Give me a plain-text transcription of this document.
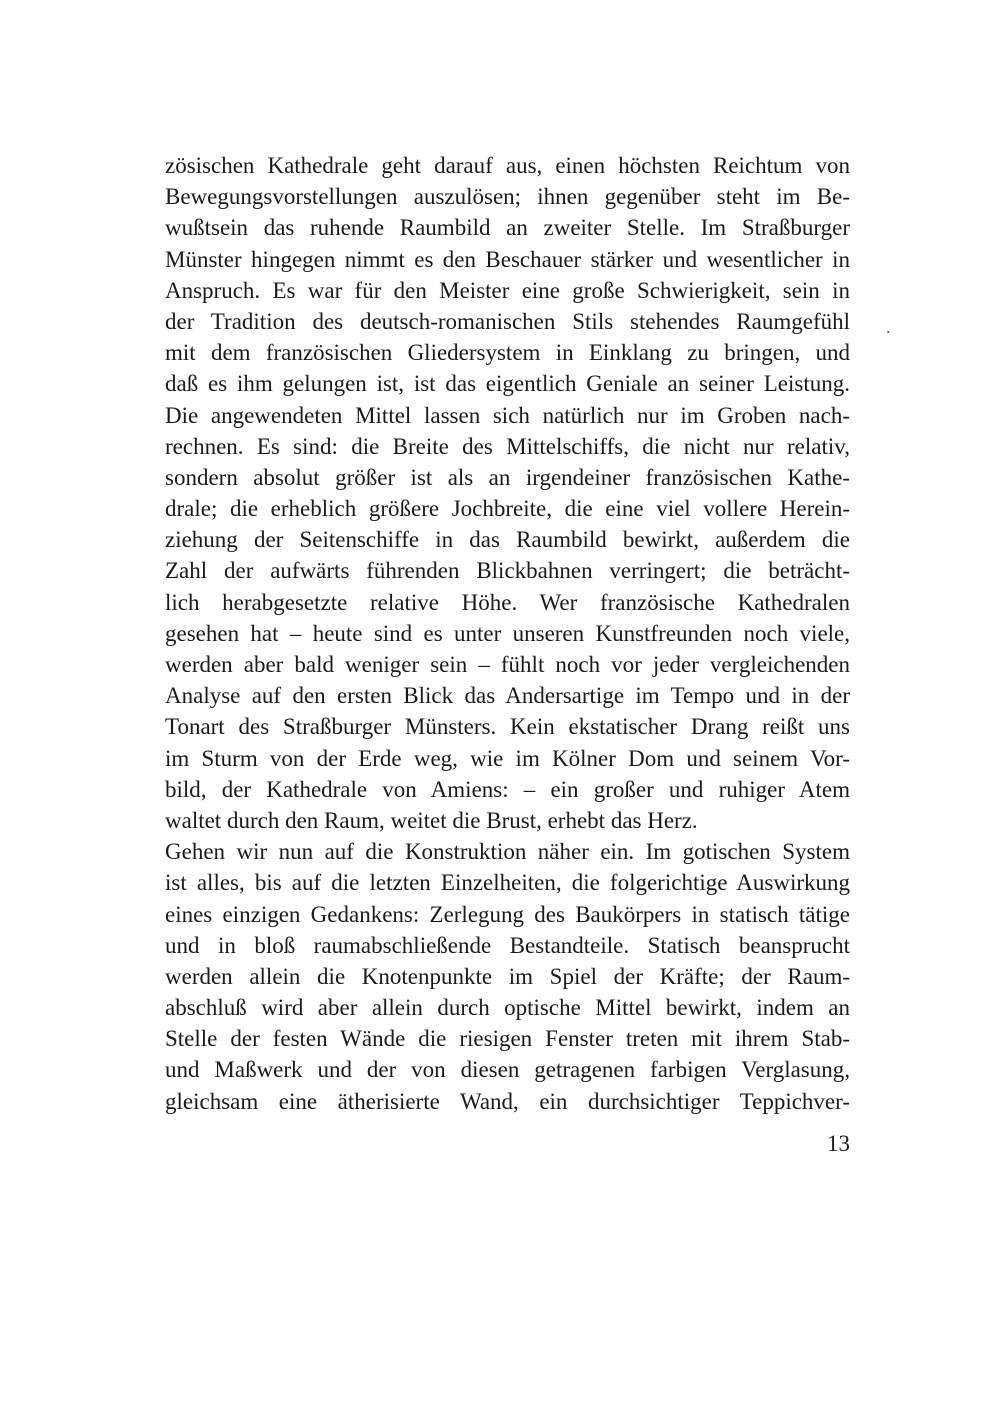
zösischen Kathedrale geht darauf aus, einen höchsten Reichtum von
Bewegungsvorstellungen auszulösen; ihnen gegenüber steht im Be-
wußtsein das ruhende Raumbild an zweiter Stelle. Im Straßburger
Münster hingegen nimmt es den Beschauer stärker und wesentlicher in
Anspruch. Es war für den Meister eine große Schwierigkeit, sein in
der Tradition des deutsch-romanischen Stils stehendes Raumgefühl
mit dem französischen Gliedersystem in Einklang zu bringen, und
daß es ihm gelungen ist, ist das eigentlich Geniale an seiner Leistung.
Die angewendeten Mittel lassen sich natürlich nur im Groben nach-
rechnen. Es sind: die Breite des Mittelschiffs, die nicht nur relativ,
sondern absolut größer ist als an irgendeiner französischen Kathe-
drale; die erheblich größere Jochbreite, die eine viel vollere Herein-
ziehung der Seitenschiffe in das Raumbild bewirkt, außerdem die
Zahl der aufwärts führenden Blickbahnen verringert; die beträcht-
lich herabgesetzte relative Höhe. Wer französische Kathedralen
gesehen hat – heute sind es unter unseren Kunstfreunden noch viele,
werden aber bald weniger sein – fühlt noch vor jeder vergleichenden
Analyse auf den ersten Blick das Andersartige im Tempo und in der
Tonart des Straßburger Münsters. Kein ekstatischer Drang reißt uns
im Sturm von der Erde weg, wie im Kölner Dom und seinem Vor-
bild, der Kathedrale von Amiens: – ein großer und ruhiger Atem
waltet durch den Raum, weitet die Brust, erhebt das Herz.
Gehen wir nun auf die Konstruktion näher ein. Im gotischen System
ist alles, bis auf die letzten Einzelheiten, die folgerichtige Auswirkung
eines einzigen Gedankens: Zerlegung des Baukörpers in statisch tätige
und in bloß raumabschließende Bestandteile. Statisch beansprucht
werden allein die Knotenpunkte im Spiel der Kräfte; der Raum-
abschluß wird aber allein durch optische Mittel bewirkt, indem an
Stelle der festen Wände die riesigen Fenster treten mit ihrem Stab-
und Maßwerk und der von diesen getragenen farbigen Verglasung,
gleichsam eine ätherisierte Wand, ein durchsichtiger Teppichver-
.
13
